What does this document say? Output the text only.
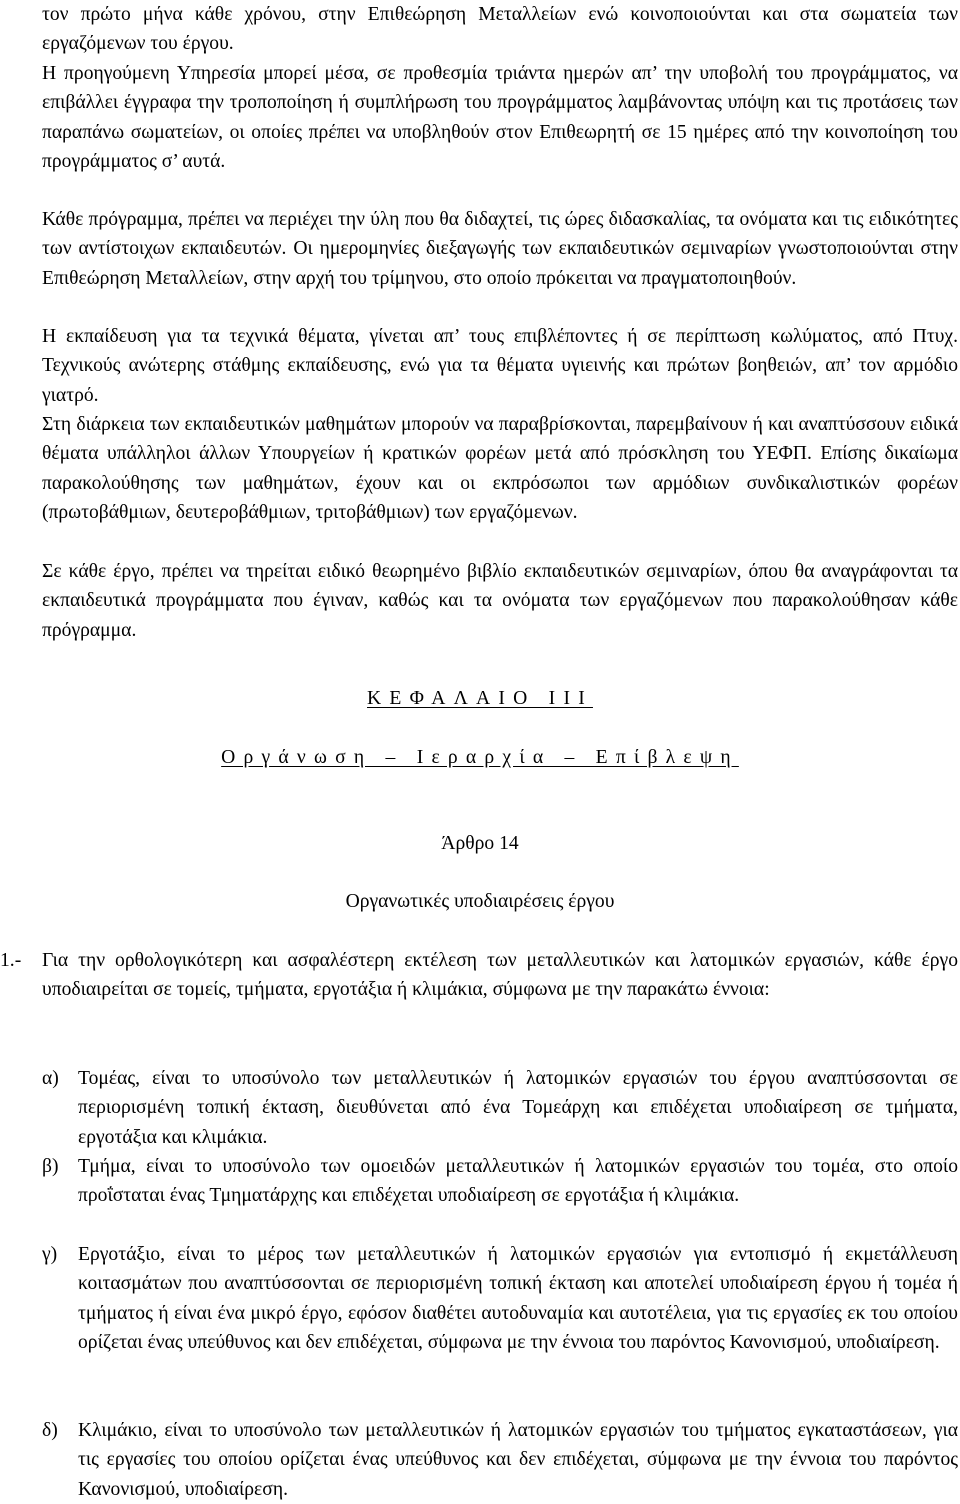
τον πρώτο μήνα κάθε χρόνου, στην Επιθεώρηση Μεταλλείων ενώ κοινοποιούνται και στα σωματεία των εργαζόμενων του έργου.

Η προηγούμενη Υπηρεσία μπορεί μέσα, σε προθεσμία τριάντα ημερών απ’ την υποβολή του προγράμματος, να επιβάλλει έγγραφα την τροποποίηση ή συμπλήρωση του προγράμματος λαμβάνοντας υπόψη και τις προτάσεις των παραπάνω σωματείων, οι οποίες πρέπει να υποβληθούν στον Επιθεωρητή σε 15 ημέρες από την κοινοποίηση του προγράμματος σ’ αυτά.

Κάθε πρόγραμμα, πρέπει να περιέχει την ύλη που θα διδαχτεί, τις ώρες διδασκαλίας, τα ονόματα και τις ειδικότητες των αντίστοιχων εκπαιδευτών. Οι ημερομηνίες διεξαγωγής των εκπαιδευτικών σεμιναρίων γνωστοποιούνται στην Επιθεώρηση Μεταλλείων, στην αρχή του τρίμηνου, στο οποίο πρόκειται να πραγματοποιηθούν.

Η εκπαίδευση για τα τεχνικά θέματα, γίνεται απ’ τους επιβλέποντες ή σε περίπτωση κωλύματος, από Πτυχ. Τεχνικούς ανώτερης στάθμης εκπαίδευσης, ενώ για τα θέματα υγιεινής και πρώτων βοηθειών, απ’ τον αρμόδιο γιατρό.

Στη διάρκεια των εκπαιδευτικών μαθημάτων μπορούν να παραβρίσκονται, παρεμβαίνουν ή και αναπτύσσουν ειδικά θέματα υπάλληλοι άλλων Υπουργείων ή κρατικών φορέων μετά από πρόσκληση του ΥΕΦΠ. Επίσης δικαίωμα παρακολούθησης των μαθημάτων, έχουν και οι εκπρόσωποι των αρμόδιων συνδικαλιστικών φορέων (πρωτοβάθμιων, δευτεροβάθμιων, τριτοβάθμιων) των εργαζόμενων.

Σε κάθε έργο, πρέπει να τηρείται ειδικό θεωρημένο βιβλίο εκπαιδευτικών σεμιναρίων, όπου θα αναγράφονται τα εκπαιδευτικά προγράμματα που έγιναν, καθώς και τα ονόματα των εργαζόμενων που παρακολούθησαν κάθε πρόγραμμα.

ΚΕΦΑΛΑΙΟ ΙΙΙ

Οργάνωση – Ιεραρχία – Επίβλεψη

Άρθρο 14

Οργανωτικές υποδιαιρέσεις έργου

1.- Για την ορθολογικότερη και ασφαλέστερη εκτέλεση των μεταλλευτικών και λατομικών εργασιών, κάθε έργο υποδιαιρείται σε τομείς, τμήματα, εργοτάξια ή κλιμάκια, σύμφωνα με την παρακάτω έννοια:

α) Τομέας, είναι το υποσύνολο των μεταλλευτικών ή λατομικών εργασιών του έργου αναπτύσσονται σε περιορισμένη τοπική έκταση, διευθύνεται από ένα Τομεάρχη και επιδέχεται υποδιαίρεση σε τμήματα, εργοτάξια και κλιμάκια.

β) Τμήμα, είναι το υποσύνολο των ομοειδών μεταλλευτικών ή λατομικών εργασιών του τομέα, στο οποίο προΐσταται ένας Τμηματάρχης και επιδέχεται υποδιαίρεση σε εργοτάξια ή κλιμάκια.

γ) Εργοτάξιο, είναι το μέρος των μεταλλευτικών ή λατομικών εργασιών για εντοπισμό ή εκμετάλλευση κοιτασμάτων που αναπτύσσονται σε περιορισμένη τοπική έκταση και αποτελεί υποδιαίρεση έργου ή τομέα ή τμήματος ή είναι ένα μικρό έργο, εφόσον διαθέτει αυτοδυναμία και αυτοτέλεια, για τις εργασίες εκ του οποίου ορίζεται ένας υπεύθυνος και δεν επιδέχεται, σύμφωνα με την έννοια του παρόντος Κανονισμού, υποδιαίρεση.

δ) Κλιμάκιο, είναι το υποσύνολο των μεταλλευτικών ή λατομικών εργασιών του τμήματος εγκαταστάσεων, για τις εργασίες του οποίου ορίζεται ένας υπεύθυνος και δεν επιδέχεται, σύμφωνα με την έννοια του παρόντος Κανονισμού, υποδιαίρεση.
